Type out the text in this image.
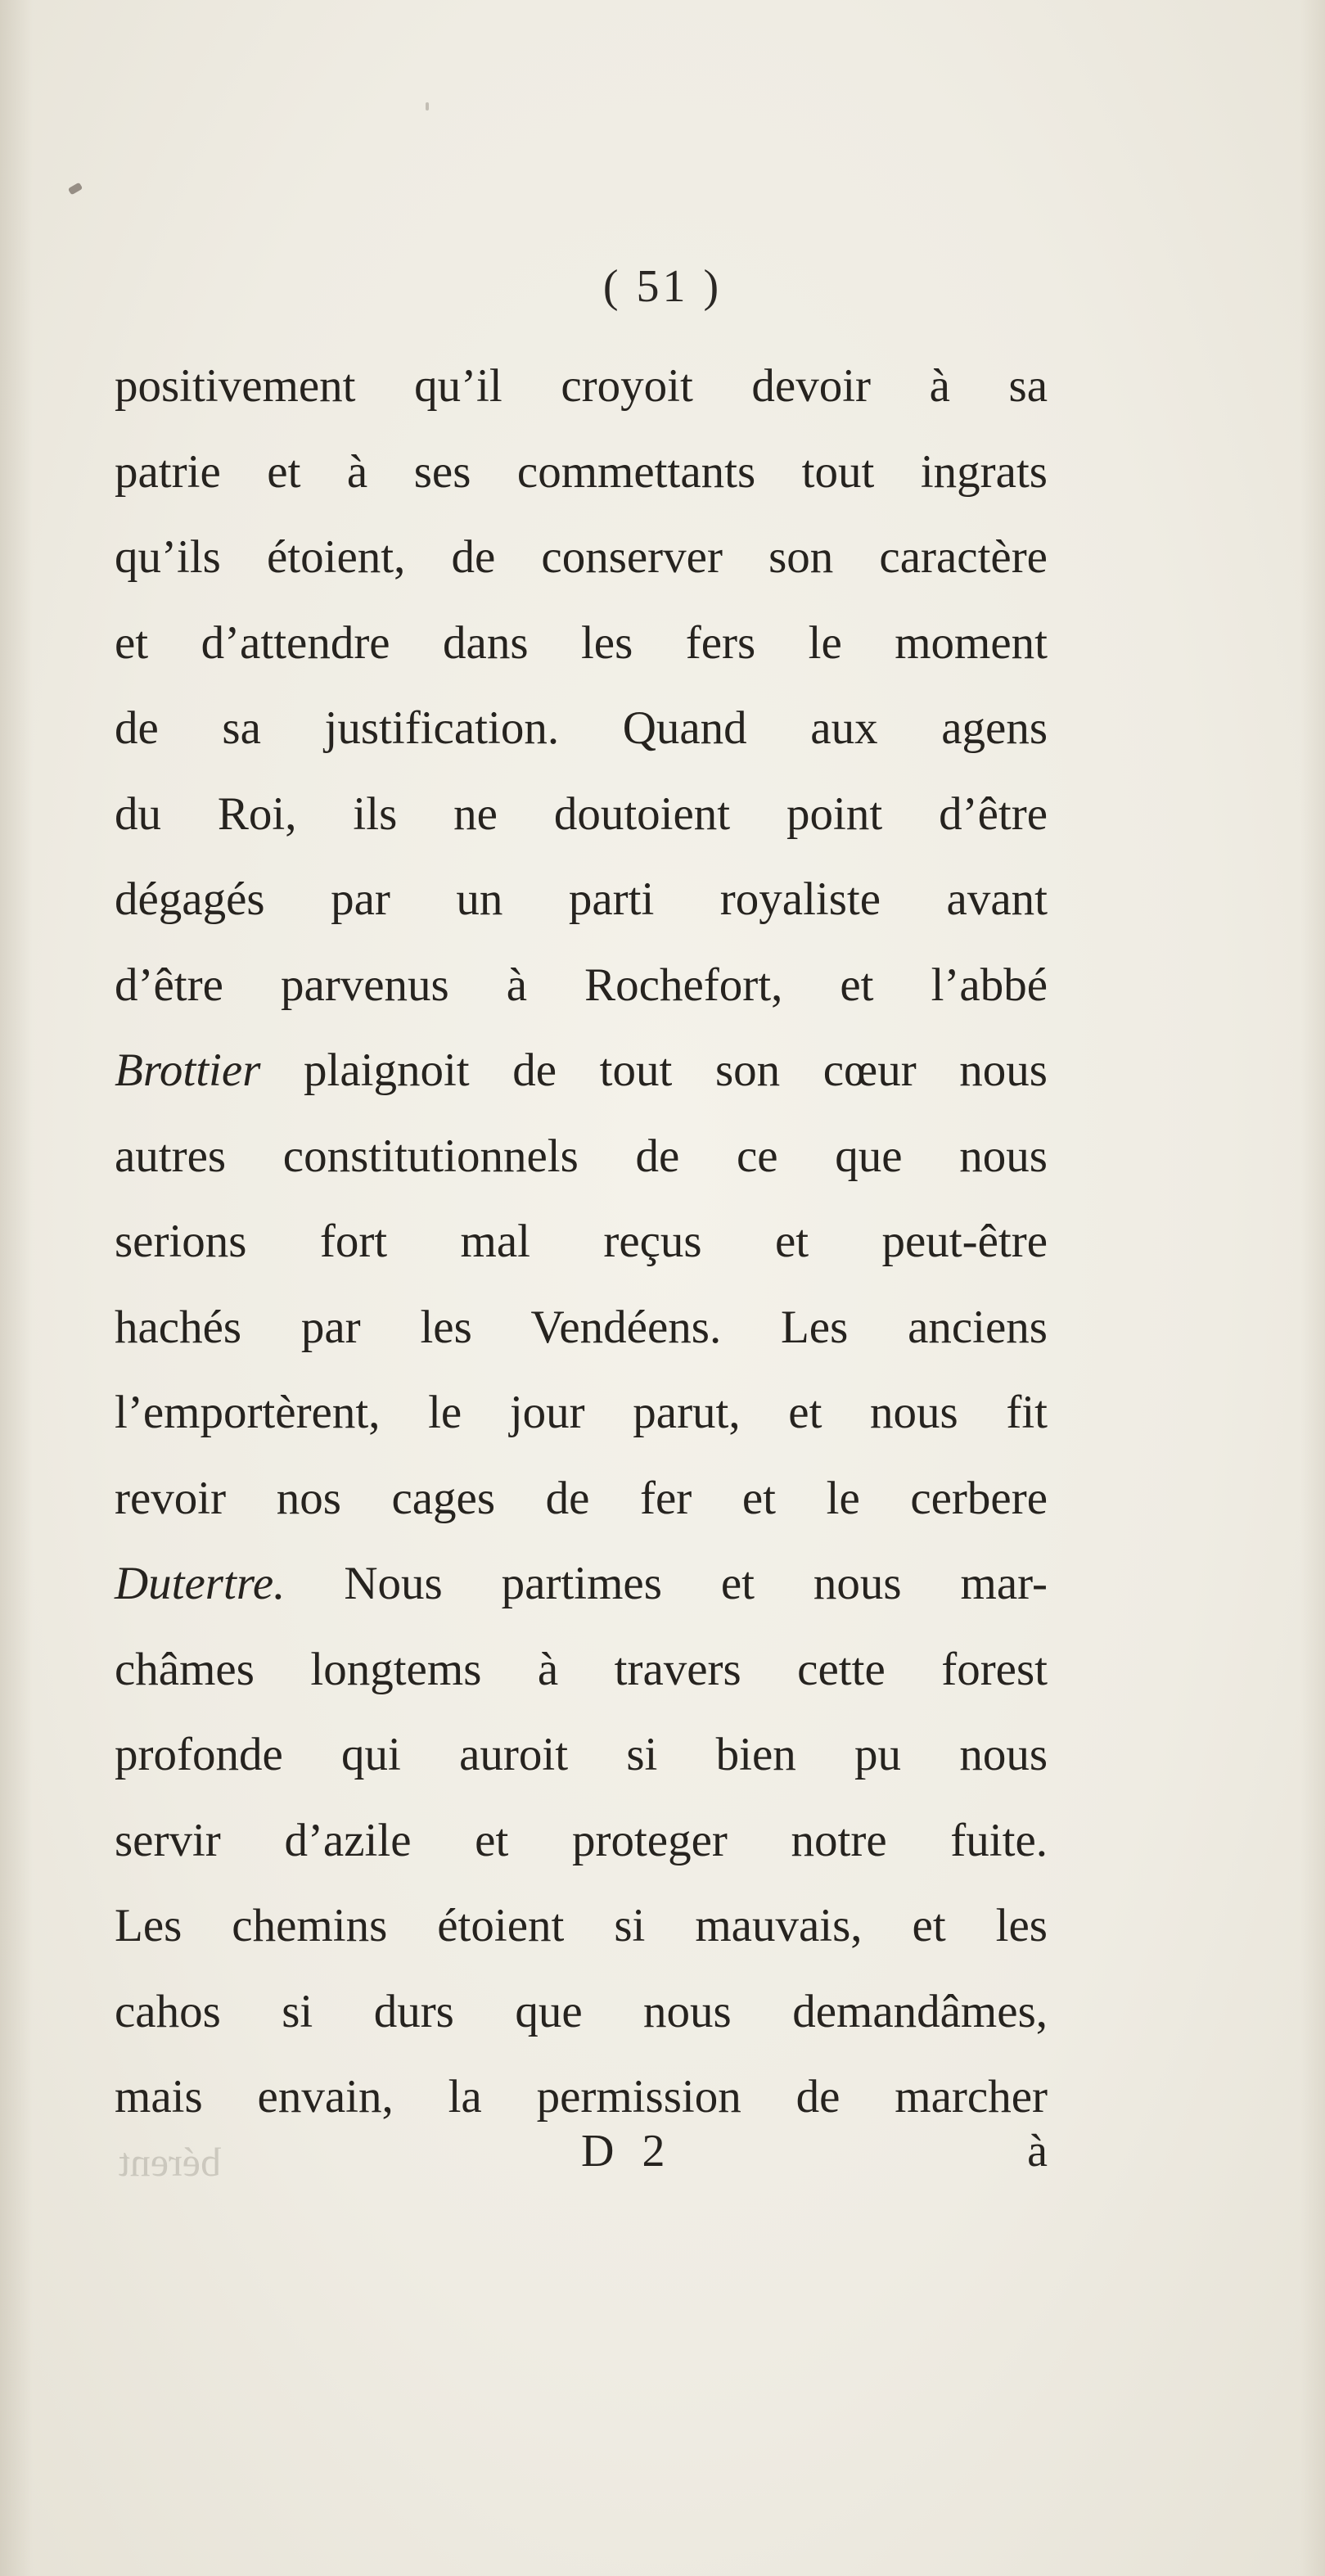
( 51 )
positivement qu’il croyoit devoir à sa
patrie et à ses commettants tout ingrats
qu’ils étoient, de conserver son caractère
et d’attendre dans les fers le moment
de sa justification. Quand aux agens
du Roi, ils ne doutoient point d’être
dégagés par un parti royaliste avant
d’être parvenus à Rochefort, et l’abbé
Brottier plaignoit de tout son cœur nous
autres constitutionnels de ce que nous
serions fort mal reçus et peut-être
hachés par les Vendéens. Les anciens
l’emportèrent, le jour parut, et nous fit
revoir nos cages de fer et le cerbere
Dutertre. Nous partimes et nous mar-
châmes longtems à travers cette forest
profonde qui auroit si bien pu nous
servir d’azile et proteger notre fuite.
Les chemins étoient si mauvais, et les
cahos si durs que nous demandâmes,
mais envain, la permission de marcher
bérent	D 2	à
